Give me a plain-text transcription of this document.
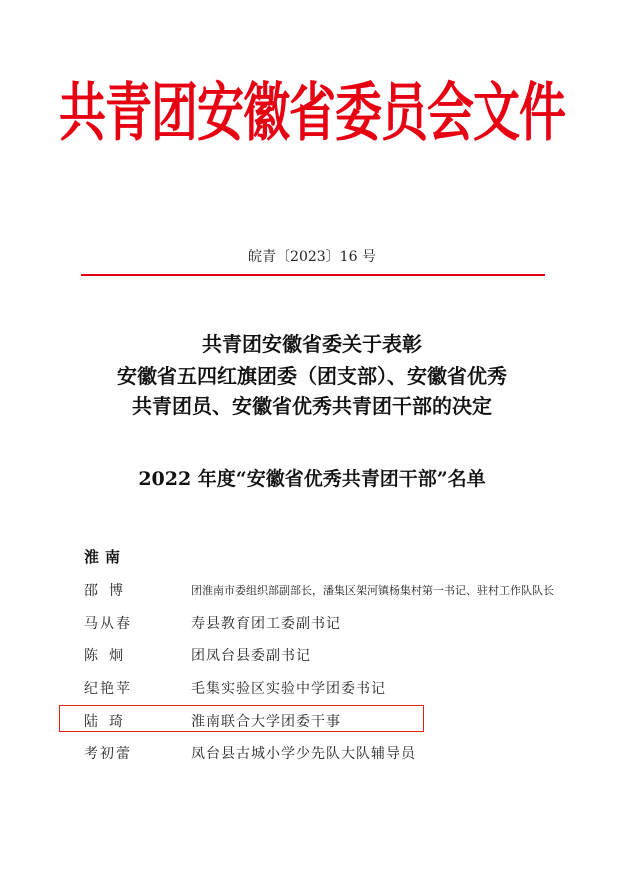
共青团安徽省委员会文件
皖青〔2023〕16 号
共青团安徽省委关于表彰
安徽省五四红旗团委（团支部）、安徽省优秀
共青团员、安徽省优秀共青团干部的决定
2022 年度“安徽省优秀共青团干部”名单
淮南
邵博	团淮南市委组织部副部长，潘集区架河镇杨集村第一书记、驻村工作队队长
马从春	寿县教育团工委副书记
陈炯	团凤台县委副书记
纪艳苹	毛集实验区实验中学团委书记
陆琦	淮南联合大学团委干事
考初蕾	凤台县古城小学少先队大队辅导员
